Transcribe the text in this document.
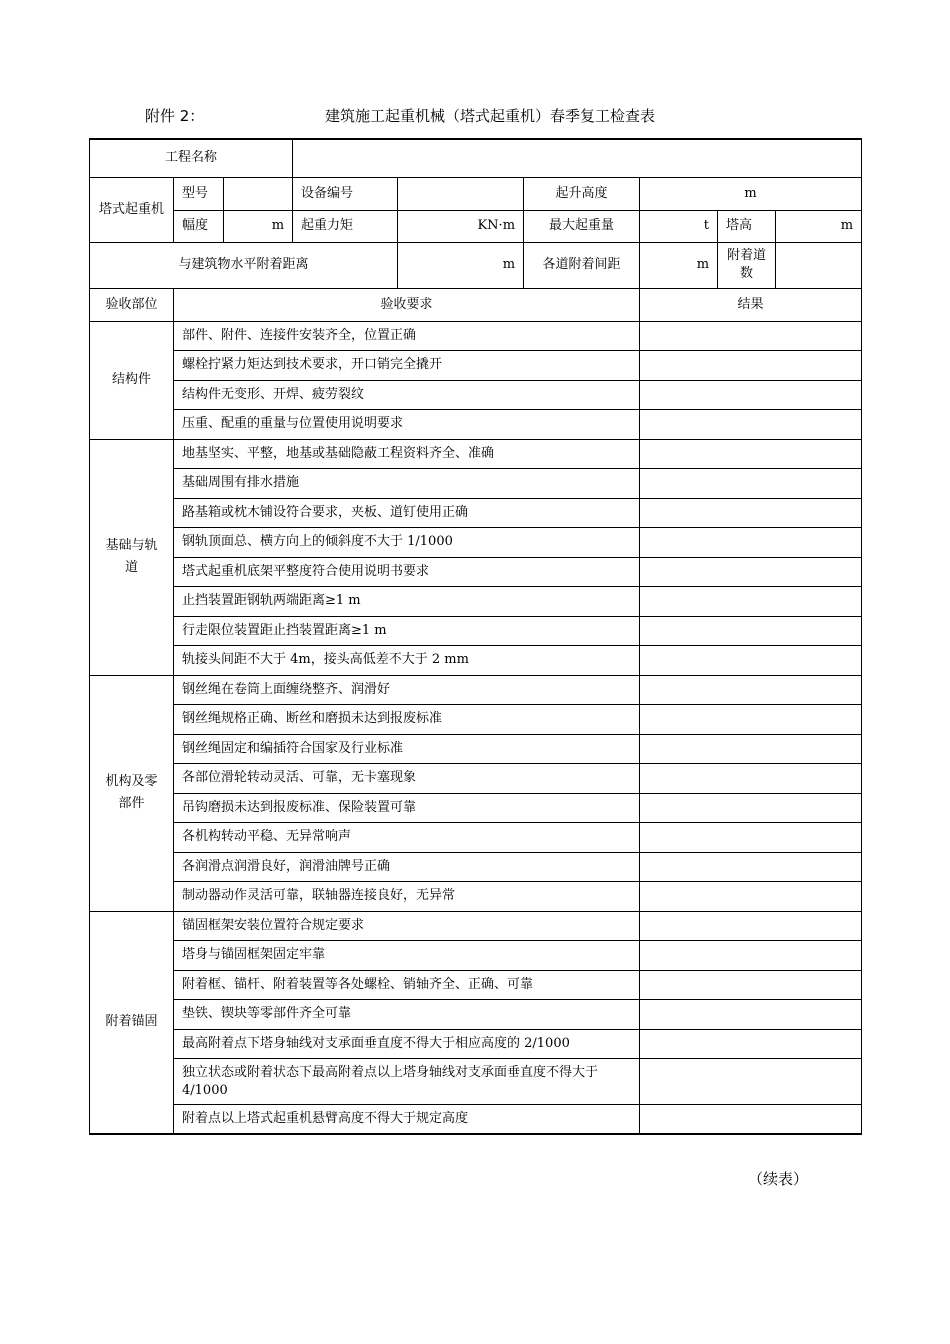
附件 2：	建筑施工起重机械（塔式起重机）春季复工检查表
工程名称								
塔式起重机	型号		设备编号		起升高度	m		
	幅度	m	起重力矩	KN·m	最大起重量	t	塔高	m
与建筑物水平附着距离				m	各道附着间距	m	附着道数	
验收部位	验收要求					结果		
结构件	部件、附件、连接件安装齐全，位置正确							
	螺栓拧紧力矩达到技术要求，开口销完全撬开							
	结构件无变形、开焊、疲劳裂纹							
	压重、配重的重量与位置使用说明要求							
基础与轨道	地基坚实、平整，地基或基础隐蔽工程资料齐全、准确							
	基础周围有排水措施							
	路基箱或枕木铺设符合要求，夹板、道钉使用正确							
	钢轨顶面总、横方向上的倾斜度不大于 1/1000							
	塔式起重机底架平整度符合使用说明书要求							
	止挡装置距钢轨两端距离≥1 m							
	行走限位装置距止挡装置距离≥1 m							
	轨接头间距不大于 4m，接头高低差不大于 2 mm							
机构及零部件	钢丝绳在卷筒上面缠绕整齐、润滑好							
	钢丝绳规格正确、断丝和磨损未达到报废标准							
	钢丝绳固定和编插符合国家及行业标准							
	各部位滑轮转动灵活、可靠，无卡塞现象							
	吊钩磨损未达到报废标准、保险装置可靠							
	各机构转动平稳、无异常响声							
	各润滑点润滑良好，润滑油牌号正确							
	制动器动作灵活可靠，联轴器连接良好，无异常							
附着锚固	锚固框架安装位置符合规定要求							
	塔身与锚固框架固定牢靠							
	附着框、锚杆、附着装置等各处螺栓、销轴齐全、正确、可靠							
	垫铁、锲块等零部件齐全可靠							
	最高附着点下塔身轴线对支承面垂直度不得大于相应高度的 2/1000							
	独立状态或附着状态下最高附着点以上塔身轴线对支承面垂直度不得大于 4/1000							
	附着点以上塔式起重机悬臂高度不得大于规定高度							
（续表）
